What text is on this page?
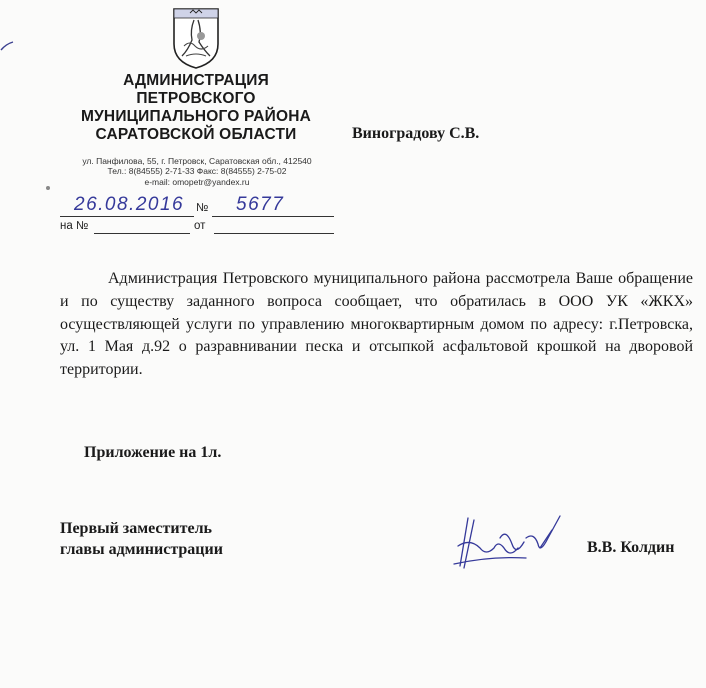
АДМИНИСТРАЦИЯ
ПЕТРОВСКОГО
МУНИЦИПАЛЬНОГО РАЙОНА
САРАТОВСКОЙ ОБЛАСТИ
ул. Панфилова, 55, г. Петровск, Саратовская обл., 412540
Тел.: 8(84555) 2-71-33 Факс: 8(84555) 2-75-02
e-mail: omopetr@yandex.ru
Виноградову С.В.
26.08.2016 № 5677
на №	от
Администрация Петровского муниципального района рассмотрела Ваше обращение и по существу заданного вопроса сообщает, что обратилась в ООО УК «ЖКХ» осуществляющей услуги по управлению многоквартирным домом по адресу: г.Петровска, ул. 1 Мая д.92 о разравнивании песка и отсыпкой асфальтовой крошкой на дворовой территории.
Приложение на 1л.
Первый заместитель
главы администрации	В.В. Колдин
